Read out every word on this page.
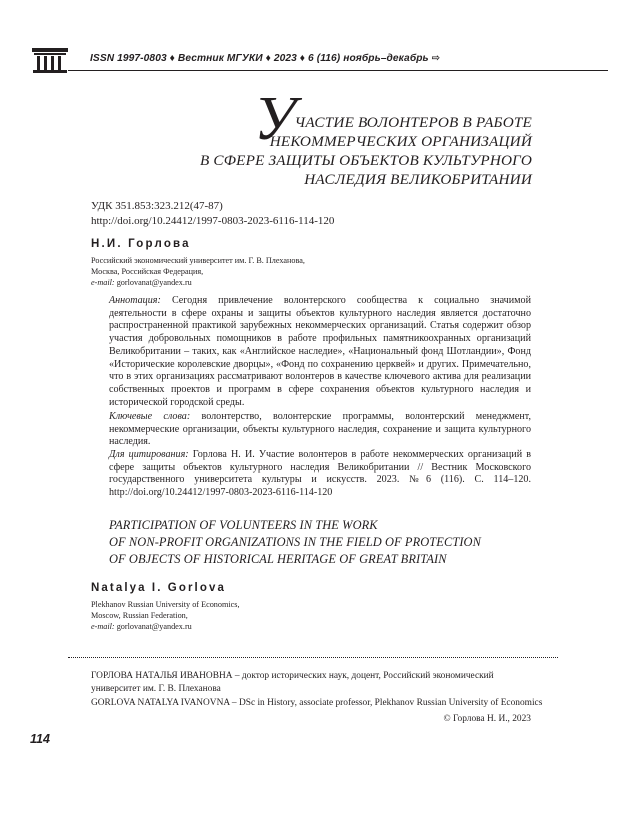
ISSN 1997-0803 ♦ Вестник МГУКИ ♦ 2023 ♦ 6 (116) ноябрь–декабрь ⇨
У
ЧАСТИЕ ВОЛОНТЕРОВ В РАБОТЕ
НЕКОММЕРЧЕСКИХ ОРГАНИЗАЦИЙ
В СФЕРЕ ЗАЩИТЫ ОБЪЕКТОВ КУЛЬТУРНОГО
НАСЛЕДИЯ ВЕЛИКОБРИТАНИИ
УДК 351.853:323.212(47-87)
http://doi.org/10.24412/1997-0803-2023-6116-114-120
Н.И. Горлова
Российский экономический университет им. Г. В. Плеханова,
Москва, Российская Федерация,
e-mail: gorlovanat@yandex.ru
Аннотация: Сегодня привлечение волонтерского сообщества к социально значимой деятельности в сфере охраны и защиты объектов культурного наследия является достаточно распространенной практикой зарубежных некоммерческих организаций. Статья содержит обзор участия добровольных помощников в работе профильных памятникоохранных организаций Великобритании – таких, как «Английское наследие», «Национальный фонд Шотландии», Фонд «Исторические королевские дворцы», «Фонд по сохранению церквей» и других. Примечательно, что в этих организациях рассматривают волонтеров в качестве ключевого актива для реализации собственных проектов и программ в сфере сохранения объектов культурного наследия и исторической городской среды.
Ключевые слова: волонтерство, волонтерские программы, волонтерский менеджмент, некоммерческие организации, объекты культурного наследия, сохранение и защита культурного наследия.
Для цитирования: Горлова Н. И. Участие волонтеров в работе некоммерческих организаций в сфере защиты объектов культурного наследия Великобритании // Вестник Московского государственного университета культуры и искусств. 2023. №6 (116). С. 114–120. http://doi.org/10.24412/1997-0803-2023-6116-114-120
PARTICIPATION OF VOLUNTEERS IN THE WORK
OF NON-PROFIT ORGANIZATIONS IN THE FIELD OF PROTECTION
OF OBJECTS OF HISTORICAL HERITAGE OF GREAT BRITAIN
Natalya I. Gorlova
Plekhanov Russian University of Economics,
Moscow, Russian Federation,
e-mail: gorlovanat@yandex.ru
ГОРЛОВА НАТАЛЬЯ ИВАНОВНА – доктор исторических наук, доцент, Российский экономический университет им. Г. В. Плеханова
GORLOVA NATALYA IVANOVNA – DSc in History, associate professor, Plekhanov Russian University of Economics
© Горлова Н. И., 2023
114
